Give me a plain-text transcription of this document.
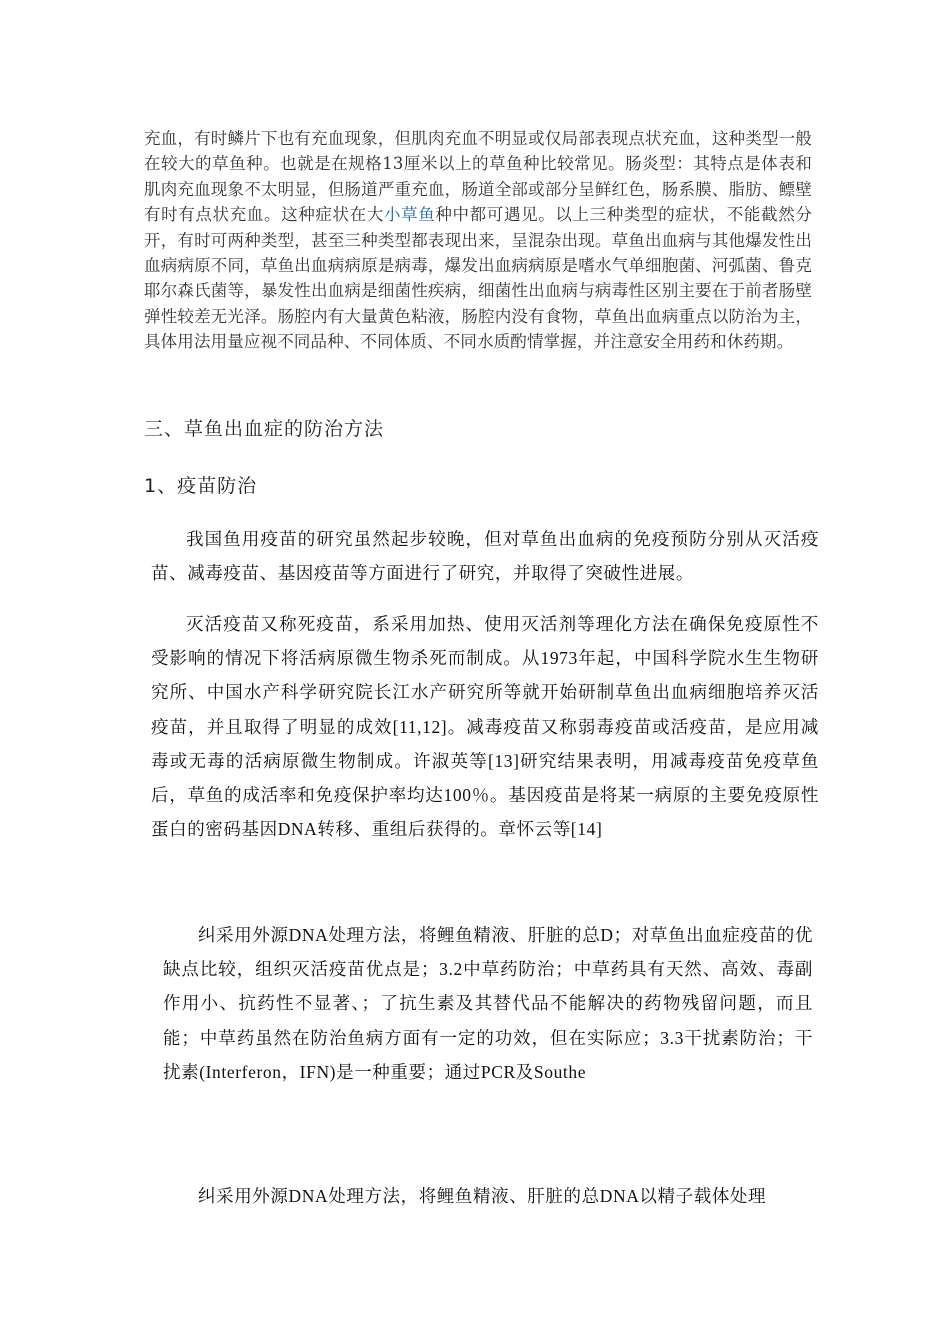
充血，有时鳞片下也有充血现象，但肌肉充血不明显或仅局部表现点状充血，这种类型一般在较大的草鱼种。也就是在规格13厘米以上的草鱼种比较常见。肠炎型：其特点是体表和肌肉充血现象不太明显，但肠道严重充血，肠道全部或部分呈鲜红色，肠系膜、脂肪、鳔壁有时有点状充血。这种症状在大小草鱼种中都可遇见。以上三种类型的症状，不能截然分开，有时可两种类型，甚至三种类型都表现出来，呈混杂出现。草鱼出血病与其他爆发性出血病病原不同，草鱼出血病病原是病毒，爆发出血病病原是嗜水气单细胞菌、河弧菌、鲁克耶尔森氏菌等，暴发性出血病是细菌性疾病，细菌性出血病与病毒性区别主要在于前者肠壁弹性较差无光泽。肠腔内有大量黄色粘液，肠腔内没有食物，草鱼出血病重点以防治为主，具体用法用量应视不同品种、不同体质、不同水质酌情掌握，并注意安全用药和休药期。
三、草鱼出血症的防治方法
1、疫苗防治
我国鱼用疫苗的研究虽然起步较晚，但对草鱼出血病的免疫预防分别从灭活疫苗、减毒疫苗、基因疫苗等方面进行了研究，并取得了突破性进展。
灭活疫苗又称死疫苗，系采用加热、使用灭活剂等理化方法在确保免疫原性不受影响的情况下将活病原微生物杀死而制成。从1973年起，中国科学院水生生物研究所、中国水产科学研究院长江水产研究所等就开始研制草鱼出血病细胞培养灭活疫苗，并且取得了明显的成效[11,12]。减毒疫苗又称弱毒疫苗或活疫苗，是应用减毒或无毒的活病原微生物制成。许淑英等[13]研究结果表明，用减毒疫苗免疫草鱼后，草鱼的成活率和免疫保护率均达100％。基因疫苗是将某一病原的主要免疫原性蛋白的密码基因DNA转移、重组后获得的。章怀云等[14]
纠采用外源DNA处理方法，将鲤鱼精液、肝脏的总D；对草鱼出血症疫苗的优缺点比较，组织灭活疫苗优点是；3.2中草药防治；中草药具有天然、高效、毒副作用小、抗药性不显著、；了抗生素及其替代品不能解决的药物残留问题，而且能；中草药虽然在防治鱼病方面有一定的功效，但在实际应；3.3干扰素防治；干扰素(Interferon，IFN)是一种重要；通过PCR及Southe
纠采用外源DNA处理方法，将鲤鱼精液、肝脏的总DNA以精子载体处理
